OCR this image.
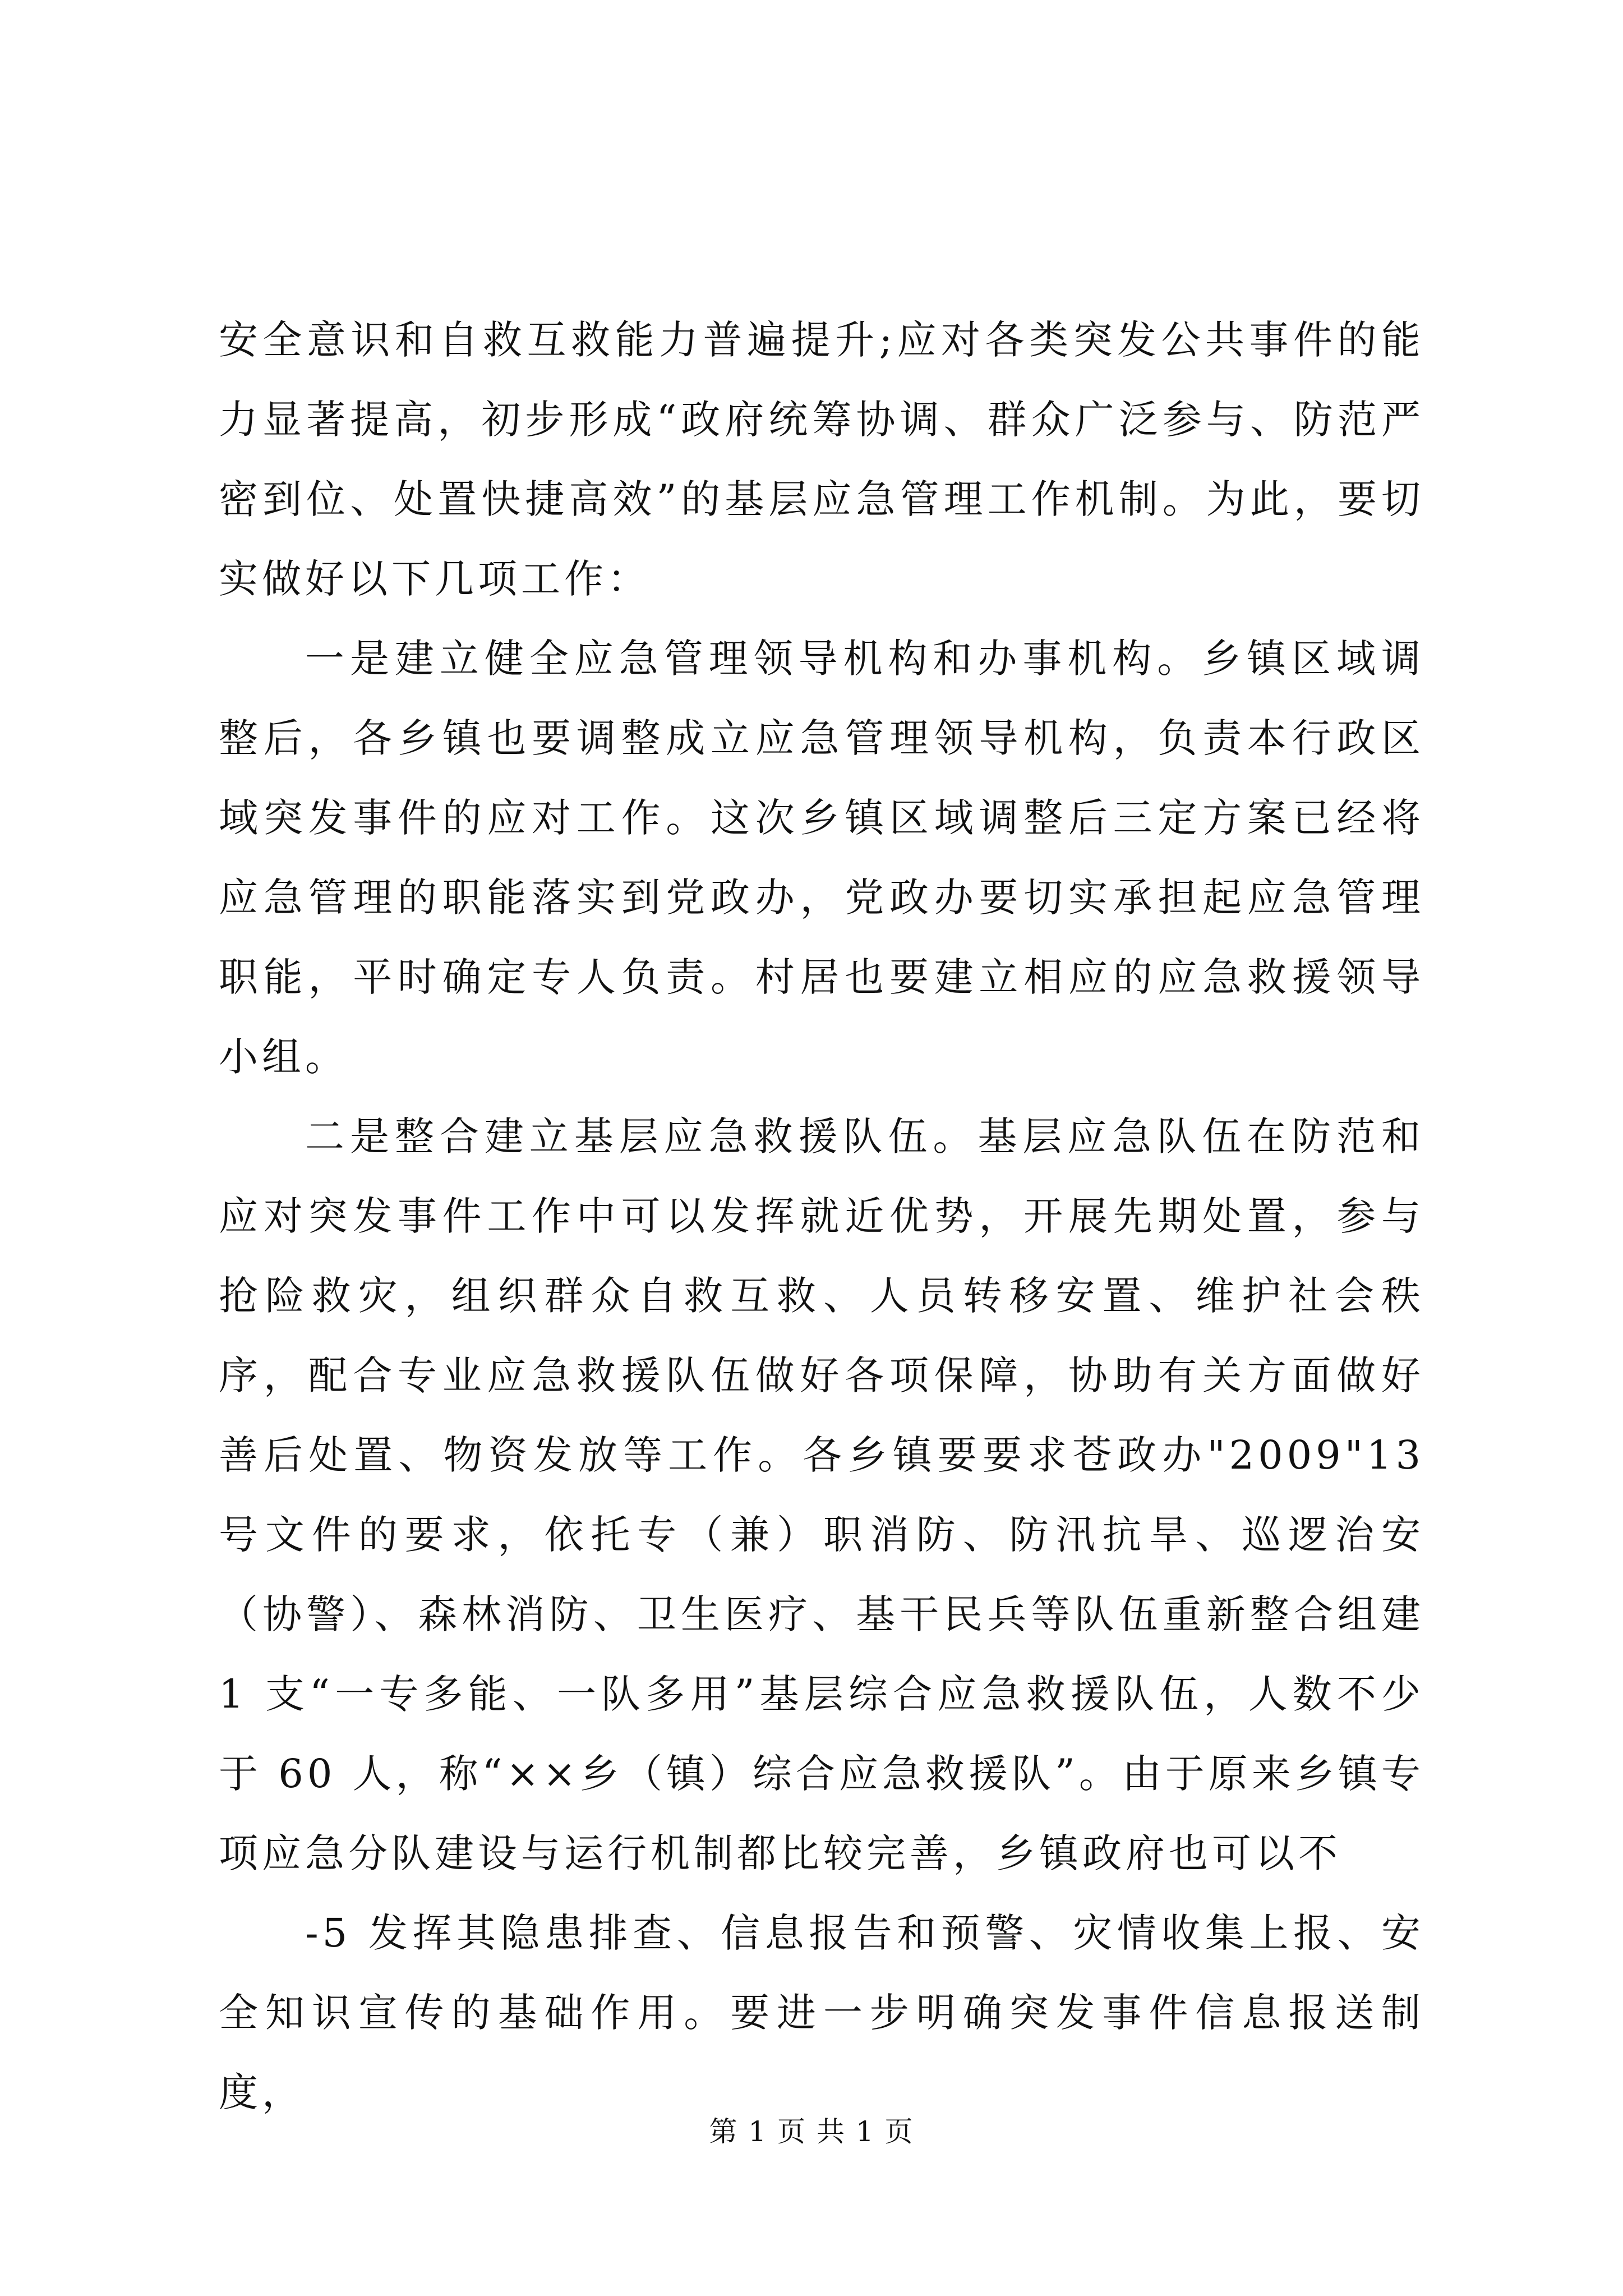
安全意识和自救互救能力普遍提升;应对各类突发公共事件的能力显著提高，初步形成“政府统筹协调、群众广泛参与、防范严密到位、处置快捷高效”的基层应急管理工作机制。为此，要切实做好以下几项工作：

一是建立健全应急管理领导机构和办事机构。乡镇区域调整后，各乡镇也要调整成立应急管理领导机构，负责本行政区域突发事件的应对工作。这次乡镇区域调整后三定方案已经将应急管理的职能落实到党政办，党政办要切实承担起应急管理职能，平时确定专人负责。村居也要建立相应的应急救援领导小组。

二是整合建立基层应急救援队伍。基层应急队伍在防范和应对突发事件工作中可以发挥就近优势，开展先期处置，参与抢险救灾，组织群众自救互救、人员转移安置、维护社会秩序，配合专业应急救援队伍做好各项保障，协助有关方面做好善后处置、物资发放等工作。各乡镇要要求苍政办"2009"13 号文件的要求，依托专（兼）职消防、防汛抗旱、巡逻治安（协警）、森林消防、卫生医疗、基干民兵等队伍重新整合组建 1 支“一专多能、一队多用”基层综合应急救援队伍，人数不少于 60 人，称“××乡（镇）综合应急救援队”。由于原来乡镇专项应急分队建设与运行机制都比较完善，乡镇政府也可以不

-5 发挥其隐患排查、信息报告和预警、灾情收集上报、安全知识宣传的基础作用。要进一步明确突发事件信息报送制度，

第 1 页 共 1 页
